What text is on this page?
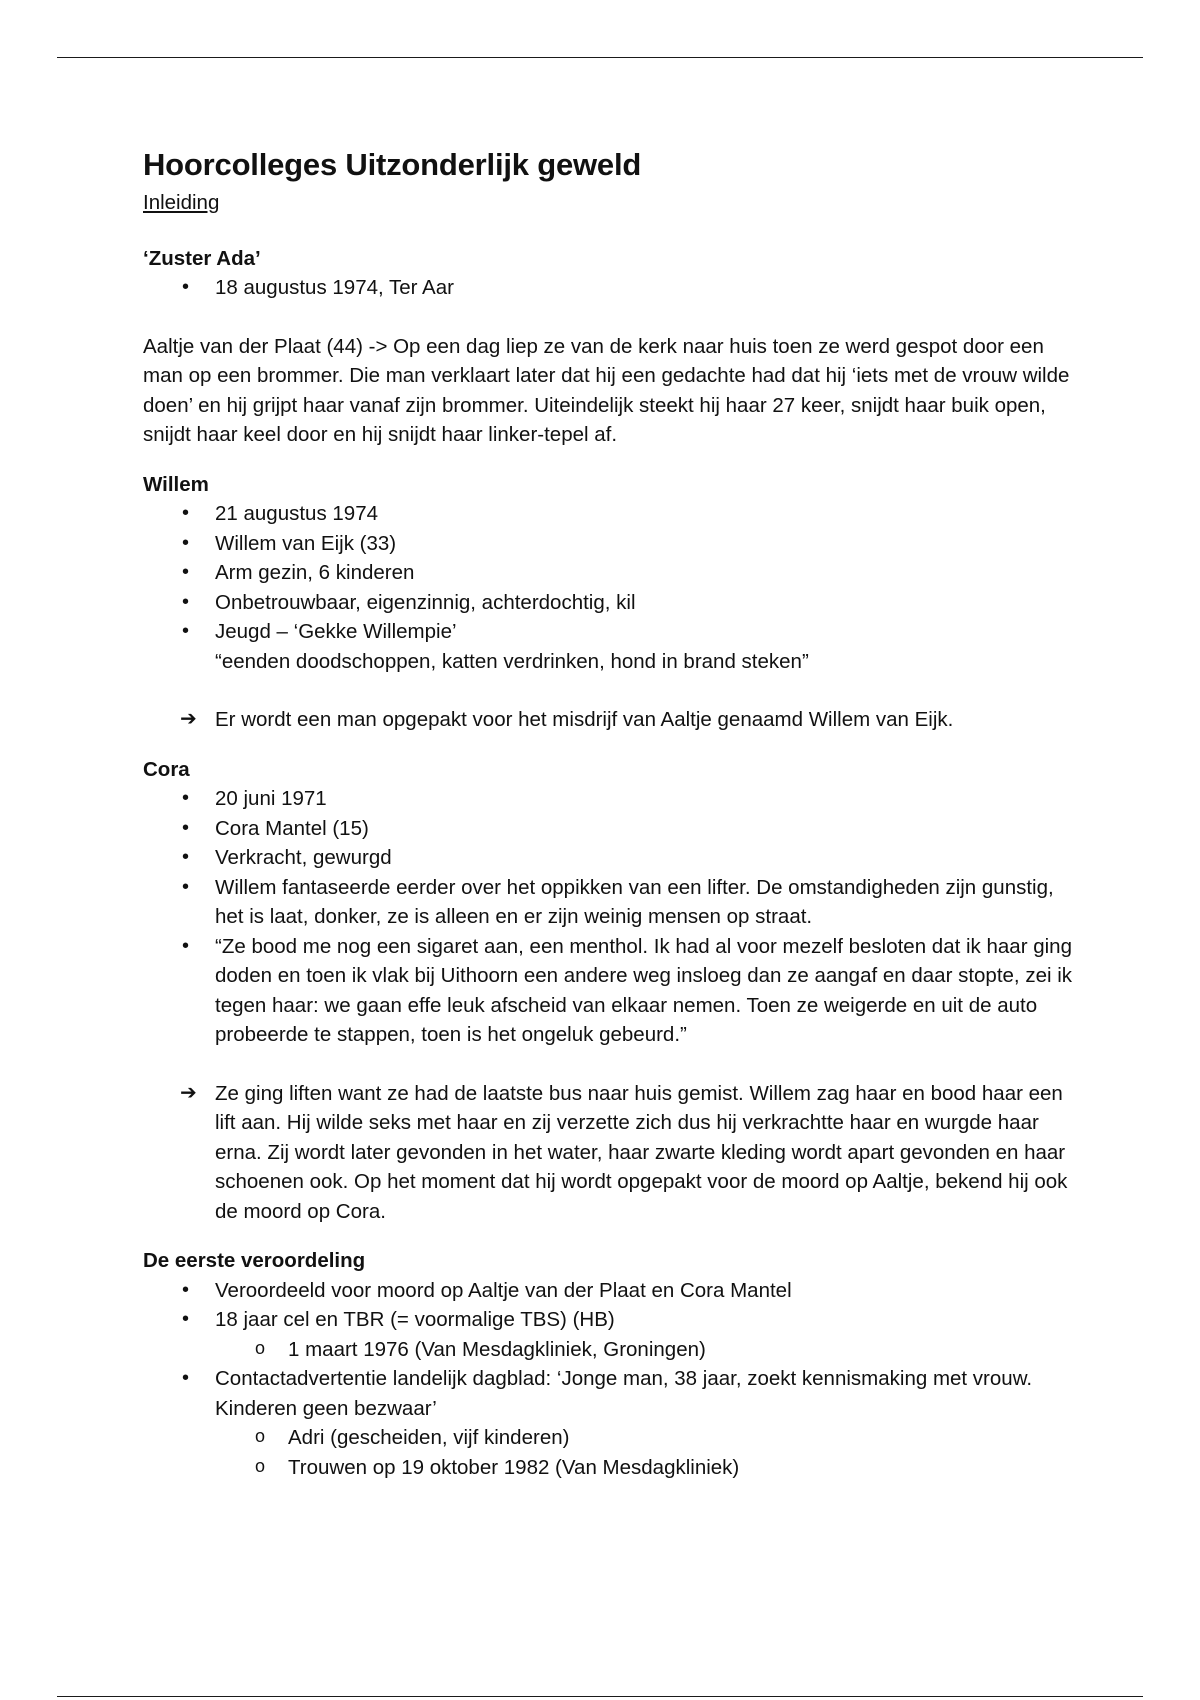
Hoorcolleges Uitzonderlijk geweld

Inleiding

‘Zuster Ada’

• 18 augustus 1974, Ter Aar

Aaltje van der Plaat (44) -> Op een dag liep ze van de kerk naar huis toen ze werd gespot door een man op een brommer. Die man verklaart later dat hij een gedachte had dat hij ‘iets met de vrouw wilde doen’ en hij grijpt haar vanaf zijn brommer. Uiteindelijk steekt hij haar 27 keer, snijdt haar buik open, snijdt haar keel door en hij snijdt haar linker-tepel af.

Willem

• 21 augustus 1974
• Willem van Eijk (33)
• Arm gezin, 6 kinderen
• Onbetrouwbaar, eigenzinnig, achterdochtig, kil
• Jeugd – ‘Gekke Willempie’
“eenden doodschoppen, katten verdrinken, hond in brand steken”
➔ Er wordt een man opgepakt voor het misdrijf van Aaltje genaamd Willem van Eijk.

Cora

• 20 juni 1971
• Cora Mantel (15)
• Verkracht, gewurgd
• Willem fantaseerde eerder over het oppikken van een lifter. De omstandigheden zijn gunstig, het is laat, donker, ze is alleen en er zijn weinig mensen op straat.
• “Ze bood me nog een sigaret aan, een menthol. Ik had al voor mezelf besloten dat ik haar ging doden en toen ik vlak bij Uithoorn een andere weg insloeg dan ze aangaf en daar stopte, zei ik tegen haar: we gaan effe leuk afscheid van elkaar nemen. Toen ze weigerde en uit de auto probeerde te stappen, toen is het ongeluk gebeurd.”
➔ Ze ging liften want ze had de laatste bus naar huis gemist. Willem zag haar en bood haar een lift aan. Hij wilde seks met haar en zij verzette zich dus hij verkrachtte haar en wurgde haar erna. Zij wordt later gevonden in het water, haar zwarte kleding wordt apart gevonden en haar schoenen ook. Op het moment dat hij wordt opgepakt voor de moord op Aaltje, bekend hij ook de moord op Cora.

De eerste veroordeling

• Veroordeeld voor moord op Aaltje van der Plaat en Cora Mantel
• 18 jaar cel en TBR (= voormalige TBS) (HB)
o 1 maart 1976 (Van Mesdagkliniek, Groningen)
• Contactadvertentie landelijk dagblad: ‘Jonge man, 38 jaar, zoekt kennismaking met vrouw. Kinderen geen bezwaar’
o Adri (gescheiden, vijf kinderen)
o Trouwen op 19 oktober 1982 (Van Mesdagkliniek)
